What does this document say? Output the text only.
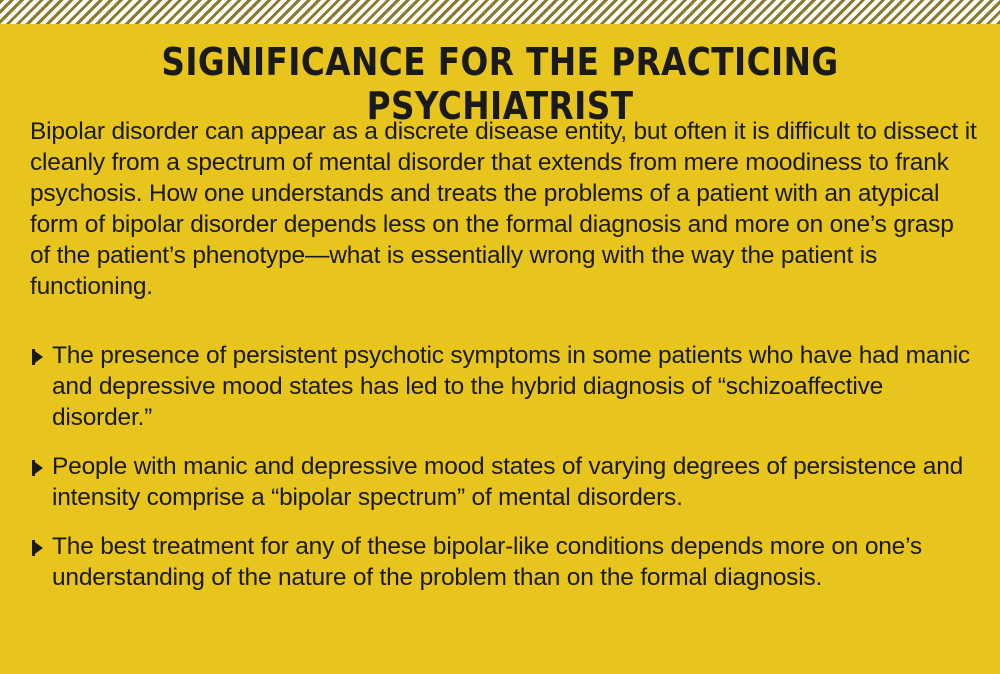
SIGNIFICANCE FOR THE PRACTICING PSYCHIATRIST

Bipolar disorder can appear as a discrete disease entity, but often it is difficult to dissect it cleanly from a spectrum of mental disorder that extends from mere moodiness to frank psychosis. How one understands and treats the problems of a patient with an atypical form of bipolar disorder depends less on the formal diagnosis and more on one’s grasp of the patient’s phenotype—what is essentially wrong with the way the patient is functioning.

The presence of persistent psychotic symptoms in some patients who have had manic and depressive mood states has led to the hybrid diagnosis of “schizoaffective disorder.”
People with manic and depressive mood states of varying degrees of persistence and intensity comprise a “bipolar spectrum” of mental disorders.
The best treatment for any of these bipolar-like conditions depends more on one’s understanding of the nature of the problem than on the formal diagnosis.
